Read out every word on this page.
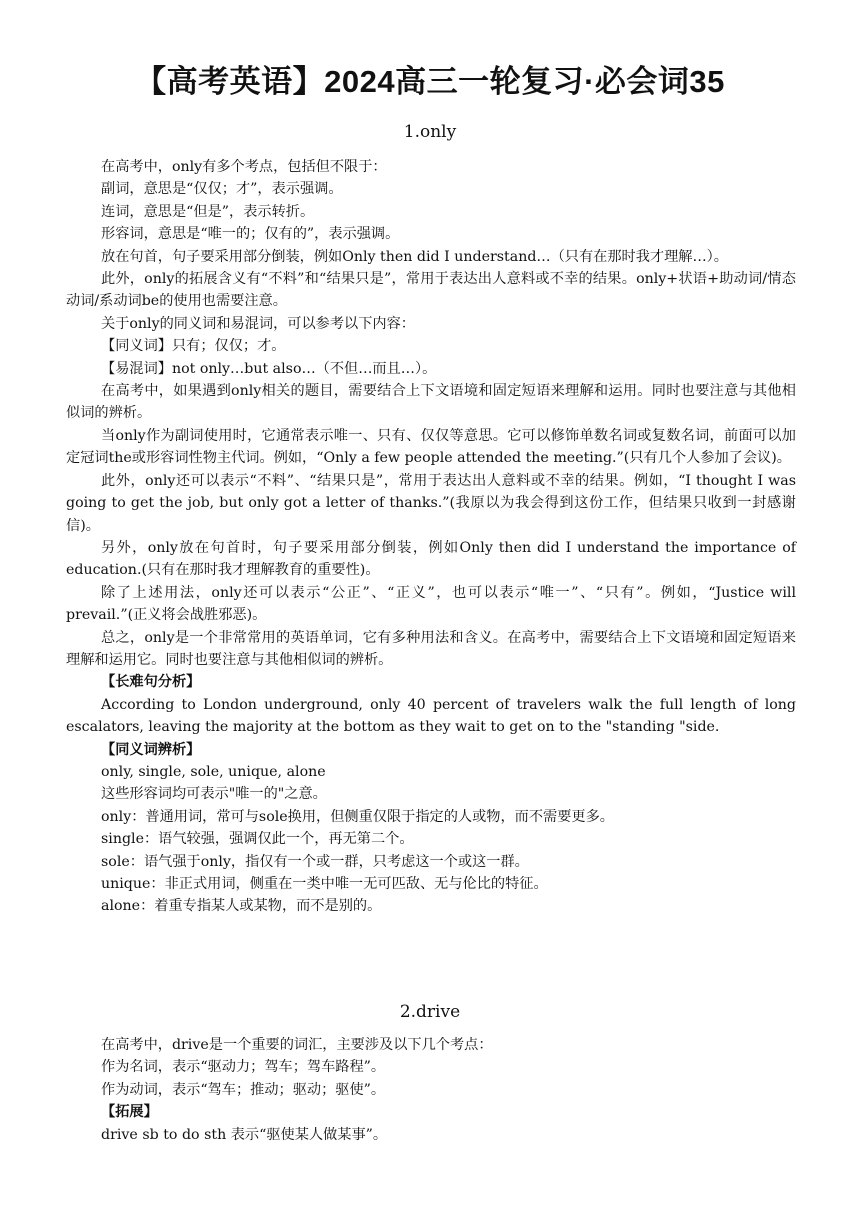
【高考英语】2024高三一轮复习·必会词35
1.only

在高考中，only有多个考点，包括但不限于：

副词，意思是“仅仅；才”，表示强调。

连词，意思是“但是”，表示转折。

形容词，意思是“唯一的；仅有的”，表示强调。

放在句首，句子要采用部分倒装，例如Only then did I understand…（只有在那时我才理解…）。

此外，only的拓展含义有“不料”和“结果只是”，常用于表达出人意料或不幸的结果。only+状语+助动词/情态动词/系动词be的使用也需要注意。

关于only的同义词和易混词，可以参考以下内容：

【同义词】只有；仅仅；才。

【易混词】not only…but also…（不但…而且…）。

在高考中，如果遇到only相关的题目，需要结合上下文语境和固定短语来理解和运用。同时也要注意与其他相似词的辨析。

当only作为副词使用时，它通常表示唯一、只有、仅仅等意思。它可以修饰单数名词或复数名词，前面可以加定冠词the或形容词性物主代词。例如，“Only a few people attended the meeting.”(只有几个人参加了会议)。

此外，only还可以表示“不料”、“结果只是”，常用于表达出人意料或不幸的结果。例如，“I thought I was going to get the job, but only got a letter of thanks.”(我原以为我会得到这份工作，但结果只收到一封感谢信)。

另外，only放在句首时，句子要采用部分倒装，例如Only then did I understand the importance of education.(只有在那时我才理解教育的重要性)。

除了上述用法，only还可以表示“公正”、“正义”，也可以表示“唯一”、“只有”。例如，“Justice will prevail.”(正义将会战胜邪恶)。

总之，only是一个非常常用的英语单词，它有多种用法和含义。在高考中，需要结合上下文语境和固定短语来理解和运用它。同时也要注意与其他相似词的辨析。

【长难句分析】

According to London underground, only 40 percent of travelers walk the full length of long escalators, leaving the majority at the bottom as they wait to get on to the "standing "side.

【同义词辨析】

only, single, sole, unique, alone

这些形容词均可表示"唯一的"之意。

only：普通用词，常可与sole换用，但侧重仅限于指定的人或物，而不需要更多。

single：语气较强，强调仅此一个，再无第二个。

sole：语气强于only，指仅有一个或一群，只考虑这一个或这一群。

unique：非正式用词，侧重在一类中唯一无可匹敌、无与伦比的特征。

alone：着重专指某人或某物，而不是别的。

2.drive

在高考中，drive是一个重要的词汇，主要涉及以下几个考点：

作为名词，表示“驱动力；驾车；驾车路程”。

作为动词，表示“驾车；推动；驱动；驱使”。

【拓展】

drive sb to do sth 表示“驱使某人做某事”。
